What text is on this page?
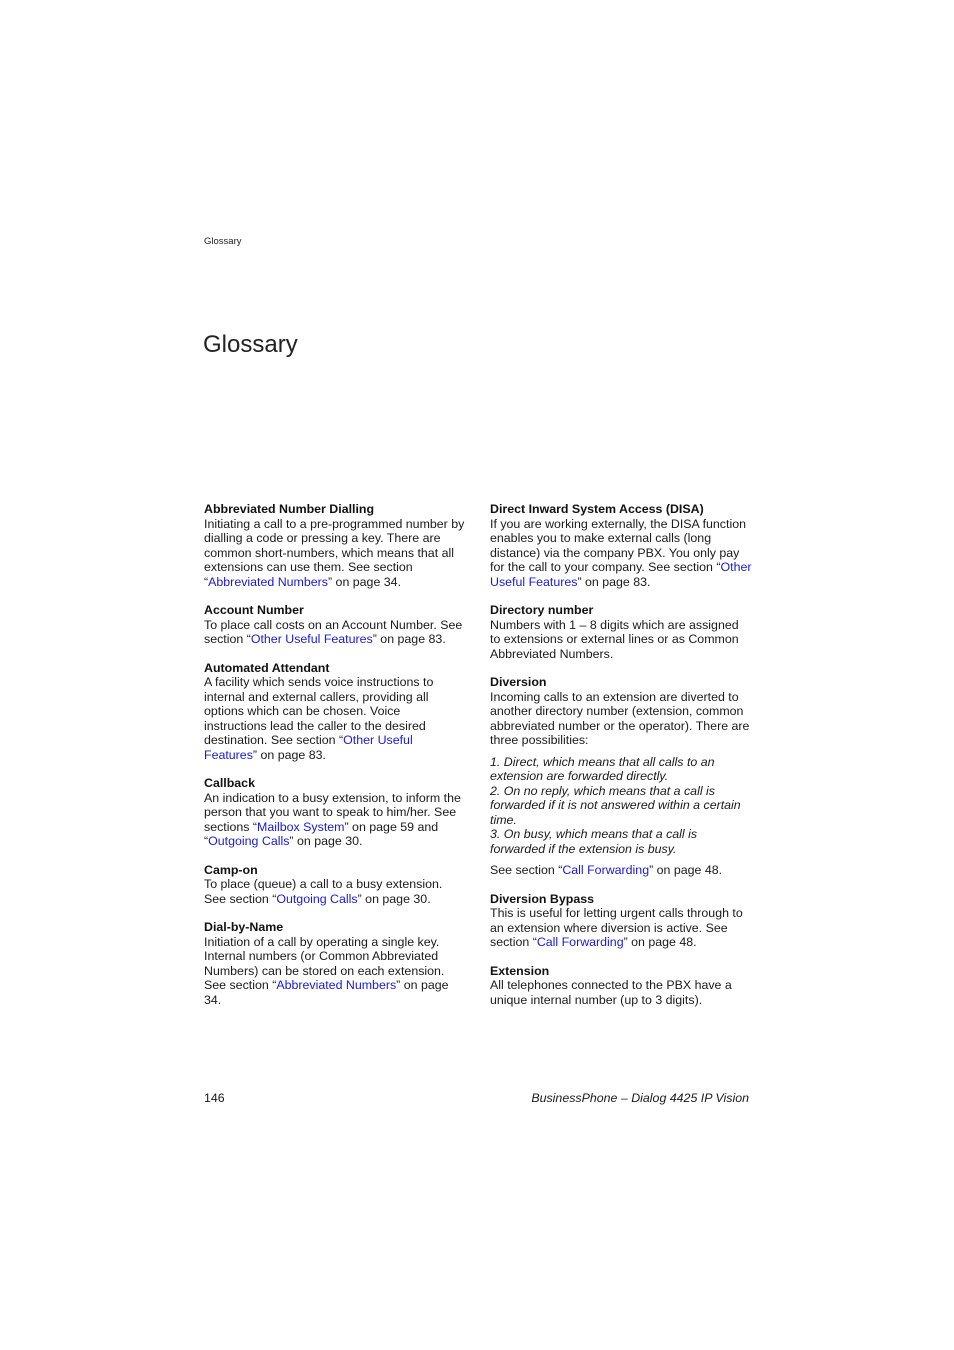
Glossary
Glossary
Abbreviated Number Dialling
Initiating a call to a pre-programmed number by dialling a code or pressing a key. There are common short-numbers, which means that all extensions can use them. See section “Abbreviated Numbers” on page 34.
Account Number
To place call costs on an Account Number. See section “Other Useful Features” on page 83.
Automated Attendant
A facility which sends voice instructions to internal and external callers, providing all options which can be chosen. Voice instructions lead the caller to the desired destination. See section “Other Useful Features” on page 83.
Callback
An indication to a busy extension, to inform the person that you want to speak to him/her. See sections “Mailbox System” on page 59 and “Outgoing Calls” on page 30.
Camp-on
To place (queue) a call to a busy extension. See section “Outgoing Calls” on page 30.
Dial-by-Name
Initiation of a call by operating a single key. Internal numbers (or Common Abbreviated Numbers) can be stored on each extension. See section “Abbreviated Numbers” on page 34.
Direct Inward System Access (DISA)
If you are working externally, the DISA function enables you to make external calls (long distance) via the company PBX. You only pay for the call to your company. See section “Other Useful Features” on page 83.
Directory number
Numbers with 1 – 8 digits which are assigned to extensions or external lines or as Common Abbreviated Numbers.
Diversion
Incoming calls to an extension are diverted to another directory number (extension, common abbreviated number or the operator). There are three possibilities:
1. Direct, which means that all calls to an extension are forwarded directly.
2. On no reply, which means that a call is forwarded if it is not answered within a certain time.
3. On busy, which means that a call is forwarded if the extension is busy.
See section “Call Forwarding” on page 48.
Diversion Bypass
This is useful for letting urgent calls through to an extension where diversion is active. See section “Call Forwarding” on page 48.
Extension
All telephones connected to the PBX have a unique internal number (up to 3 digits).
146	BusinessPhone – Dialog 4425 IP Vision
